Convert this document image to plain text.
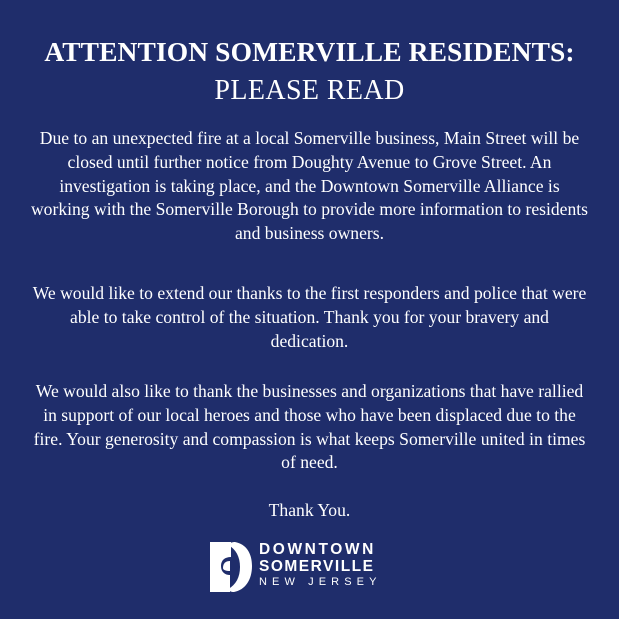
ATTENTION SOMERVILLE RESIDENTS:
PLEASE READ

Due to an unexpected fire at a local Somerville business, Main Street will be closed until further notice from Doughty Avenue to Grove Street. An investigation is taking place, and the Downtown Somerville Alliance is working with the Somerville Borough to provide more information to residents and business owners.

We would like to extend our thanks to the first responders and police that were able to take control of the situation. Thank you for your bravery and dedication.

We would also like to thank the businesses and organizations that have rallied in support of our local heroes and those who have been displaced due to the fire. Your generosity and compassion is what keeps Somerville united in times of need.

Thank You.

DOWNTOWN
SOMERVILLE
NEW JERSEY
